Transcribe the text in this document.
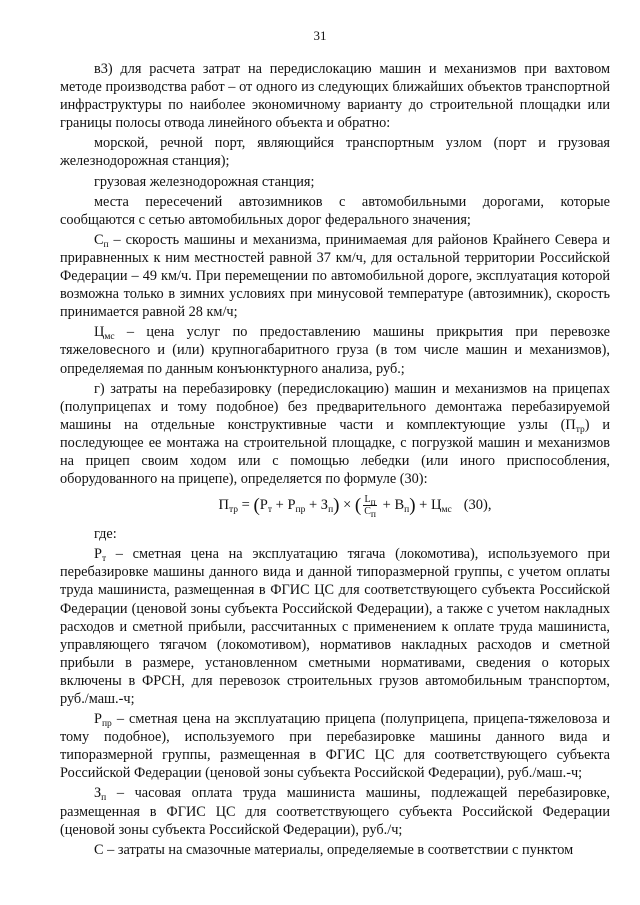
31

в3) для расчета затрат на передислокацию машин и механизмов при вахтовом методе производства работ – от одного из следующих ближайших объектов транспортной инфраструктуры по наиболее экономичному варианту до строительной площадки или границы полосы отвода линейного объекта и обратно:

морской, речной порт, являющийся транспортным узлом (порт и грузовая железнодорожная станция);

грузовая железнодорожная станция;

места пересечений автозимников с автомобильными дорогами, которые сообщаются с сетью автомобильных дорог федерального значения;

$С_п$ – скорость машины и механизма, принимаемая для районов Крайнего Севера и приравненных к ним местностей равной 37 км/ч, для остальной территории Российской Федерации – 49 км/ч. При перемещении по автомобильной дороге, эксплуатация которой возможна только в зимних условиях при минусовой температуре (автозимник), скорость принимается равной 28 км/ч;

$Ц_{мс}$ – цена услуг по предоставлению машины прикрытия при перевозке тяжеловесного и (или) крупногабаритного груза (в том числе машин и механизмов), определяемая по данным конъюнктурного анализа, руб.;

г) затраты на перебазировку (передислокацию) машин и механизмов на прицепах (полуприцепах и тому подобное) без предварительного демонтажа перебазируемой машины на отдельные конструктивные части и комплектующие узлы $(П_{тр})$ и последующее ее монтажа на строительной площадке, с погрузкой машин и механизмов на прицеп своим ходом или с помощью лебедки (или иного приспособления, оборудованного на прицепе), определяется по формуле (30):

$П_{тр} = (Р_т + Р_{пр} + З_п)$ × ( $\frac{L_п}{С_п} + В_п) + Ц_{мс}$ (30),

где:

$Р_т$ – сметная цена на эксплуатацию тягача (локомотива), используемого при перебазировке машины данного вида и данной типоразмерной группы, с учетом оплаты труда машиниста, размещенная в ФГИС ЦС для соответствующего субъекта Российской Федерации (ценовой зоны субъекта Российской Федерации), а также с учетом накладных расходов и сметной прибыли, рассчитанных с применением к оплате труда машиниста, управляющего тягачом (локомотивом), нормативов накладных расходов и сметной прибыли в размере, установленном сметными нормативами, сведения о которых включены в ФРСН, для перевозок строительных грузов автомобильным транспортом, руб./маш.-ч;

$Р_{пр}$ – сметная цена на эксплуатацию прицепа (полуприцепа, прицепа-тяжеловоза и тому подобное), используемого при перебазировке машины данного вида и типоразмерной группы, размещенная в ФГИС ЦС для соответствующего субъекта Российской Федерации (ценовой зоны субъекта Российской Федерации), руб./маш.-ч;

$З_п$ – часовая оплата труда машиниста машины, подлежащей перебазировке, размещенная в ФГИС ЦС для соответствующего субъекта Российской Федерации (ценовой зоны субъекта Российской Федерации), руб./ч;

С – затраты на смазочные материалы, определяемые в соответствии с пунктом
